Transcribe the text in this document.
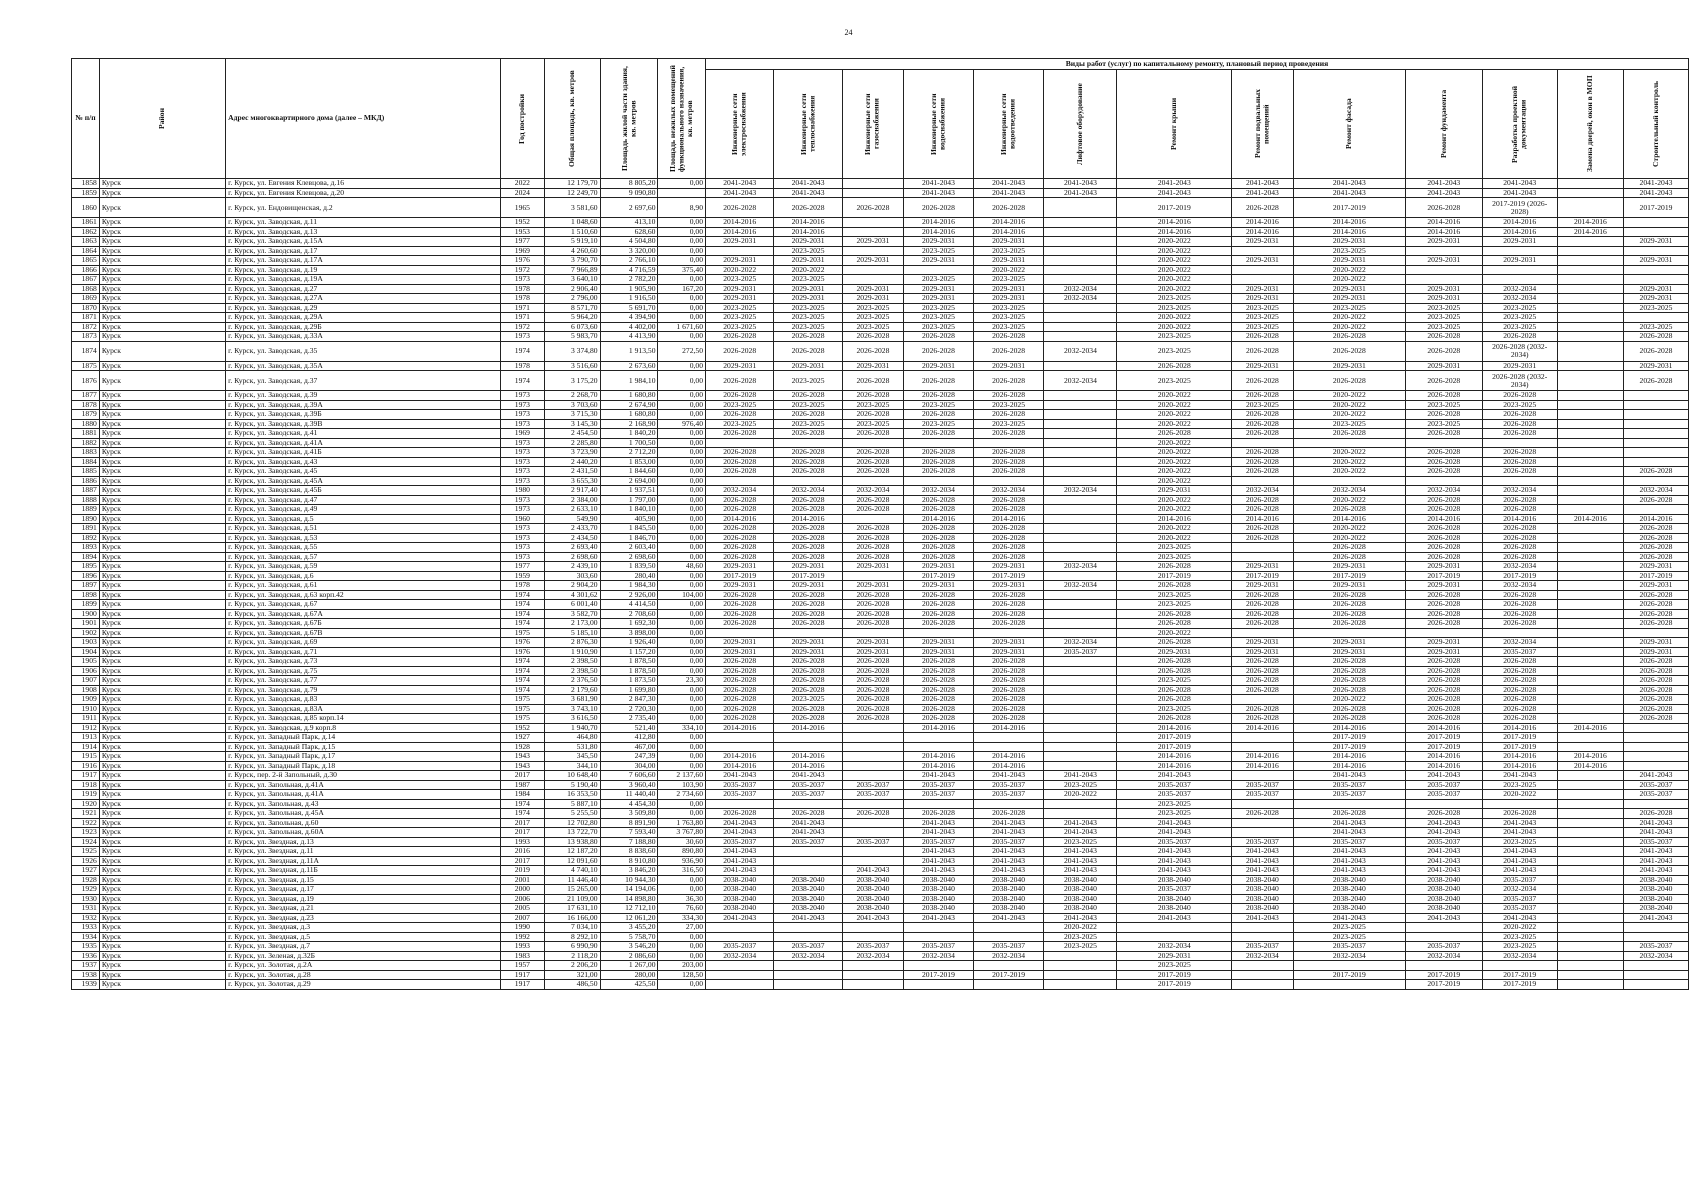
24
№ п/п	Район	Адрес многоквартирного дома (далее – МКД)	Год постройки	Общая площадь, кв. метров	Площадь жилой части здания, кв. метров	Площадь нежилых помещений функционального назначения, кв. метров	Виды работ (услуг) по капитальному ремонту, плановый период проведения												

							Инженерные сети электроснабжения	Инженерные сети теплоснабжения	Инженерные сети газоснабжения	Инженерные сети водоснабжения	Инженерные сети водоотведения	Лифтовое оборудование	Ремонт крыши	Ремонт подвальных помещений	Ремонт фасада	Ремонт фундамента	Разработка проектной документации	Замена дверей, окон в МОП	Строительный контроль

1858	Курск	г. Курск, ул. Евгения Клевцова, д.16	2022	12 179,70	8 805,20	0,00	2041-2043	2041-2043		2041-2043	2041-2043	2041-2043	2041-2043	2041-2043	2041-2043	2041-2043	2041-2043		2041-2043
1859	Курск	г. Курск, ул. Евгения Клевцова, д.20	2024	12 249,70	9 090,80		2041-2043	2041-2043		2041-2043	2041-2043	2041-2043	2041-2043	2041-2043	2041-2043	2041-2043	2041-2043		2041-2043
1860	Курск	г. Курск, ул. Ендовищенская, д.2	1965	3 581,60	2 697,60	8,90	2026-2028	2026-2028	2026-2028	2026-2028	2026-2028		2017-2019	2026-2028	2017-2019	2026-2028	2017-2019 (2026-2028)		2017-2019
1861	Курск	г. Курск, ул. Заводская, д.11	1952	1 048,60	413,10	0,00	2014-2016	2014-2016		2014-2016	2014-2016		2014-2016	2014-2016	2014-2016	2014-2016	2014-2016	2014-2016	
1862	Курск	г. Курск, ул. Заводская, д.13	1953	1 510,60	628,60	0,00	2014-2016	2014-2016		2014-2016	2014-2016		2014-2016	2014-2016	2014-2016	2014-2016	2014-2016	2014-2016	
1863	Курск	г. Курск, ул. Заводская, д.15А	1977	5 919,10	4 504,80	0,00	2029-2031	2029-2031	2029-2031	2029-2031	2029-2031		2020-2022	2029-2031	2029-2031	2029-2031	2029-2031		2029-2031
1864	Курск	г. Курск, ул. Заводская, д.17	1969	4 260,60	3 320,00	0,00		2023-2025		2023-2025	2023-2025		2020-2022		2023-2025				
1865	Курск	г. Курск, ул. Заводская, д.17А	1976	3 790,70	2 766,10	0,00	2029-2031	2029-2031	2029-2031	2029-2031	2029-2031		2020-2022	2029-2031	2029-2031	2029-2031	2029-2031		2029-2031
1866	Курск	г. Курск, ул. Заводская, д.19	1972	7 966,89	4 716,59	375,40	2020-2022	2020-2022			2020-2022		2020-2022		2020-2022				
1867	Курск	г. Курск, ул. Заводская, д.19А	1973	3 640,10	2 782,20	0,00	2023-2025	2023-2025		2023-2025	2023-2025		2020-2022		2020-2022				
1868	Курск	г. Курск, ул. Заводская, д.27	1978	2 906,40	1 905,90	167,20	2029-2031	2029-2031	2029-2031	2029-2031	2029-2031	2032-2034	2020-2022	2029-2031	2029-2031	2029-2031	2032-2034		2029-2031
1869	Курск	г. Курск, ул. Заводская, д.27А	1978	2 796,00	1 916,50	0,00	2029-2031	2029-2031	2029-2031	2029-2031	2029-2031	2032-2034	2023-2025	2029-2031	2029-2031	2029-2031	2032-2034		2029-2031
1870	Курск	г. Курск, ул. Заводская, д.29	1971	8 571,70	5 691,70	0,00	2023-2025	2023-2025	2023-2025	2023-2025	2023-2025		2023-2025	2023-2025	2023-2025	2023-2025	2023-2025		2023-2025
1871	Курск	г. Курск, ул. Заводская, д.29А	1971	5 964,20	4 394,90	0,00	2023-2025	2023-2025	2023-2025	2023-2025	2023-2025		2020-2022	2023-2025	2020-2022	2023-2025	2023-2025		
1872	Курск	г. Курск, ул. Заводская, д.29Б	1972	6 073,60	4 402,00	1 671,60	2023-2025	2023-2025	2023-2025	2023-2025	2023-2025		2020-2022	2023-2025	2020-2022	2023-2025	2023-2025		2023-2025
1873	Курск	г. Курск, ул. Заводская, д.33А	1973	5 983,70	4 413,90	0,00	2026-2028	2026-2028	2026-2028	2026-2028	2026-2028		2023-2025	2026-2028	2026-2028	2026-2028	2026-2028		2026-2028
1874	Курск	г. Курск, ул. Заводская, д.35	1974	3 374,80	1 913,50	272,50	2026-2028	2026-2028	2026-2028	2026-2028	2026-2028	2032-2034	2023-2025	2026-2028	2026-2028	2026-2028	2026-2028 (2032-2034)		2026-2028
1875	Курск	г. Курск, ул. Заводская, д.35А	1978	3 516,60	2 673,60	0,00	2029-2031	2029-2031	2029-2031	2029-2031	2029-2031		2026-2028	2029-2031	2029-2031	2029-2031	2029-2031		2029-2031
1876	Курск	г. Курск, ул. Заводская, д.37	1974	3 175,20	1 984,10	0,00	2026-2028	2023-2025	2026-2028	2026-2028	2026-2028	2032-2034	2023-2025	2026-2028	2026-2028	2026-2028	2026-2028 (2032-2034)		2026-2028
1877	Курск	г. Курск, ул. Заводская, д.39	1973	2 268,70	1 680,80	0,00	2026-2028	2026-2028	2026-2028	2026-2028	2026-2028		2020-2022	2026-2028	2020-2022	2026-2028	2026-2028		
1878	Курск	г. Курск, ул. Заводская, д.39А	1973	3 703,60	2 674,90	0,00	2023-2025	2023-2025	2023-2025	2023-2025	2023-2025		2020-2022	2023-2025	2020-2022	2023-2025	2023-2025		
1879	Курск	г. Курск, ул. Заводская, д.39Б	1973	3 715,30	1 680,80	0,00	2026-2028	2026-2028	2026-2028	2026-2028	2026-2028		2020-2022	2026-2028	2020-2022	2026-2028	2026-2028		
1880	Курск	г. Курск, ул. Заводская, д.39В	1973	3 145,30	2 168,90	976,40	2023-2025	2023-2025	2023-2025	2023-2025	2023-2025		2020-2022	2026-2028	2023-2025	2023-2025	2026-2028		
1881	Курск	г. Курск, ул. Заводская, д.41	1969	2 454,50	1 840,20	0,00	2026-2028	2026-2028	2026-2028	2026-2028	2026-2028		2026-2028	2026-2028	2026-2028	2026-2028	2026-2028		
1882	Курск	г. Курск, ул. Заводская, д.41А	1973	2 285,80	1 700,50	0,00							2020-2022						
1883	Курск	г. Курск, ул. Заводская, д.41Б	1973	3 723,90	2 712,20	0,00	2026-2028	2026-2028	2026-2028	2026-2028	2026-2028		2020-2022	2026-2028	2020-2022	2026-2028	2026-2028		
1884	Курск	г. Курск, ул. Заводская, д.43	1973	2 440,20	1 853,00	0,00	2026-2028	2026-2028	2026-2028	2026-2028	2026-2028		2020-2022	2026-2028	2020-2022	2026-2028	2026-2028		
1885	Курск	г. Курск, ул. Заводская, д.45	1973	2 431,50	1 844,60	0,00	2026-2028	2026-2028	2026-2028	2026-2028	2026-2028		2020-2022	2026-2028	2020-2022	2026-2028	2026-2028		2026-2028
1886	Курск	г. Курск, ул. Заводская, д.45А	1973	3 655,30	2 694,00	0,00							2020-2022						
1887	Курск	г. Курск, ул. Заводская, д.45Б	1980	2 917,40	1 937,51	0,00	2032-2034	2032-2034	2032-2034	2032-2034	2032-2034	2032-2034	2029-2031	2032-2034	2032-2034	2032-2034	2032-2034		2032-2034
1888	Курск	г. Курск, ул. Заводская, д.47	1973	2 384,00	1 797,00	0,00	2026-2028	2026-2028	2026-2028	2026-2028	2026-2028		2020-2022	2026-2028	2020-2022	2026-2028	2026-2028		2026-2028
1889	Курск	г. Курск, ул. Заводская, д.49	1973	2 633,10	1 840,10	0,00	2026-2028	2026-2028	2026-2028	2026-2028	2026-2028		2020-2022	2026-2028	2026-2028	2026-2028	2026-2028		
1890	Курск	г. Курск, ул. Заводская, д.5	1960	549,90	405,90	0,00	2014-2016	2014-2016		2014-2016	2014-2016		2014-2016	2014-2016	2014-2016	2014-2016	2014-2016	2014-2016	2014-2016
1891	Курск	г. Курск, ул. Заводская, д.51	1973	2 433,70	1 845,50	0,00	2026-2028	2026-2028	2026-2028	2026-2028	2026-2028		2020-2022	2026-2028	2020-2022	2026-2028	2026-2028		2026-2028
1892	Курск	г. Курск, ул. Заводская, д.53	1973	2 434,50	1 846,70	0,00	2026-2028	2026-2028	2026-2028	2026-2028	2026-2028		2020-2022	2026-2028	2020-2022	2026-2028	2026-2028		2026-2028
1893	Курск	г. Курск, ул. Заводская, д.55	1973	2 693,40	2 603,40	0,00	2026-2028	2026-2028	2026-2028	2026-2028	2026-2028		2023-2025		2026-2028	2026-2028	2026-2028		2026-2028
1894	Курск	г. Курск, ул. Заводская, д.57	1973	2 698,60	2 698,60	0,00	2026-2028	2026-2028	2026-2028	2026-2028	2026-2028		2023-2025		2026-2028	2026-2028	2026-2028		2026-2028
1895	Курск	г. Курск, ул. Заводская, д.59	1977	2 439,10	1 839,50	48,60	2029-2031	2029-2031	2029-2031	2029-2031	2029-2031	2032-2034	2026-2028	2029-2031	2029-2031	2029-2031	2032-2034		2029-2031
1896	Курск	г. Курск, ул. Заводская, д.6	1959	303,60	280,40	0,00	2017-2019	2017-2019		2017-2019	2017-2019		2017-2019	2017-2019	2017-2019	2017-2019	2017-2019		2017-2019
1897	Курск	г. Курск, ул. Заводская, д.61	1978	2 904,20	1 984,30	0,00	2029-2031	2029-2031	2029-2031	2029-2031	2029-2031	2032-2034	2026-2028	2029-2031	2029-2031	2029-2031	2032-2034		2029-2031
1898	Курск	г. Курск, ул. Заводская, д.63 корп.42	1974	4 301,62	2 926,00	104,00	2026-2028	2026-2028	2026-2028	2026-2028	2026-2028		2023-2025	2026-2028	2026-2028	2026-2028	2026-2028		2026-2028
1899	Курск	г. Курск, ул. Заводская, д.67	1974	6 001,40	4 414,50	0,00	2026-2028	2026-2028	2026-2028	2026-2028	2026-2028		2023-2025	2026-2028	2026-2028	2026-2028	2026-2028		2026-2028
1900	Курск	г. Курск, ул. Заводская, д.67А	1974	3 582,70	2 708,60	0,00	2026-2028	2026-2028	2026-2028	2026-2028	2026-2028		2026-2028	2026-2028	2026-2028	2026-2028	2026-2028		2026-2028
1901	Курск	г. Курск, ул. Заводская, д.67Б	1974	2 173,00	1 692,30	0,00	2026-2028	2026-2028	2026-2028	2026-2028	2026-2028		2026-2028	2026-2028	2026-2028	2026-2028	2026-2028		2026-2028
1902	Курск	г. Курск, ул. Заводская, д.67В	1975	5 185,10	3 898,00	0,00							2020-2022						
1903	Курск	г. Курск, ул. Заводская, д.69	1976	2 876,30	1 926,40	0,00	2029-2031	2029-2031	2029-2031	2029-2031	2029-2031	2032-2034	2026-2028	2029-2031	2029-2031	2029-2031	2032-2034		2029-2031
1904	Курск	г. Курск, ул. Заводская, д.71	1976	1 910,90	1 157,20	0,00	2029-2031	2029-2031	2029-2031	2029-2031	2029-2031	2035-2037	2029-2031	2029-2031	2029-2031	2029-2031	2035-2037		2029-2031
1905	Курск	г. Курск, ул. Заводская, д.73	1974	2 398,50	1 878,50	0,00	2026-2028	2026-2028	2026-2028	2026-2028	2026-2028		2026-2028	2026-2028	2026-2028	2026-2028	2026-2028		2026-2028
1906	Курск	г. Курск, ул. Заводская, д.75	1974	2 398,50	1 878,50	0,00	2026-2028	2026-2028	2026-2028	2026-2028	2026-2028		2026-2028	2026-2028	2026-2028	2026-2028	2026-2028		2026-2028
1907	Курск	г. Курск, ул. Заводская, д.77	1974	2 376,50	1 873,50	23,30	2026-2028	2026-2028	2026-2028	2026-2028	2026-2028		2023-2025	2026-2028	2026-2028	2026-2028	2026-2028		2026-2028
1908	Курск	г. Курск, ул. Заводская, д.79	1974	2 179,60	1 699,80	0,00	2026-2028	2026-2028	2026-2028	2026-2028	2026-2028		2026-2028	2026-2028	2026-2028	2026-2028	2026-2028		2026-2028
1909	Курск	г. Курск, ул. Заводская, д.83	1975	3 681,90	2 847,30	0,00	2026-2028	2023-2025	2026-2028	2026-2028	2026-2028		2026-2028		2020-2022	2026-2028	2026-2028		2026-2028
1910	Курск	г. Курск, ул. Заводская, д.83А	1975	3 743,10	2 720,30	0,00	2026-2028	2026-2028	2026-2028	2026-2028	2026-2028		2023-2025	2026-2028	2026-2028	2026-2028	2026-2028		2026-2028
1911	Курск	г. Курск, ул. Заводская, д.85 корп.14	1975	3 616,50	2 735,40	0,00	2026-2028	2026-2028	2026-2028	2026-2028	2026-2028		2026-2028	2026-2028	2026-2028	2026-2028	2026-2028		2026-2028
1912	Курск	г. Курск, ул. Заводская, д.9 корп.8	1952	1 940,70	521,40	334,10	2014-2016	2014-2016		2014-2016	2014-2016		2014-2016	2014-2016	2014-2016	2014-2016	2014-2016	2014-2016	
1913	Курск	г. Курск, ул. Западный Парк, д.14	1927	464,80	412,80	0,00							2017-2019		2017-2019	2017-2019	2017-2019		
1914	Курск	г. Курск, ул. Западный Парк, д.15	1928	531,80	467,00	0,00							2017-2019		2017-2019	2017-2019	2017-2019		
1915	Курск	г. Курск, ул. Западный Парк, д.17	1943	345,50	247,39	0,00	2014-2016	2014-2016		2014-2016	2014-2016		2014-2016	2014-2016	2014-2016	2014-2016	2014-2016	2014-2016	
1916	Курск	г. Курск, ул. Западный Парк, д.18	1943	344,10	304,00	0,00	2014-2016	2014-2016		2014-2016	2014-2016		2014-2016	2014-2016	2014-2016	2014-2016	2014-2016	2014-2016	
1917	Курск	г. Курск, пер. 2-й Запольный, д.30	2017	10 648,40	7 606,60	2 137,60	2041-2043	2041-2043		2041-2043	2041-2043	2041-2043	2041-2043		2041-2043	2041-2043	2041-2043		2041-2043
1918	Курск	г. Курск, ул. Запольная, д.41А	1987	5 190,40	3 960,40	103,90	2035-2037	2035-2037	2035-2037	2035-2037	2035-2037	2023-2025	2035-2037	2035-2037	2035-2037	2035-2037	2023-2025		2035-2037
1919	Курск	г. Курск, ул. Запольная, д.41А	1984	16 353,50	11 440,40	2 734,60	2035-2037	2035-2037	2035-2037	2035-2037	2035-2037	2020-2022	2035-2037	2035-2037	2035-2037	2035-2037	2020-2022		2035-2037
1920	Курск	г. Курск, ул. Запольная, д.43	1974	5 887,10	4 454,30	0,00							2023-2025						
1921	Курск	г. Курск, ул. Запольная, д.45А	1974	5 255,50	3 509,80	0,00	2026-2028	2026-2028	2026-2028	2026-2028	2026-2028		2023-2025	2026-2028	2026-2028	2026-2028	2026-2028		2026-2028
1922	Курск	г. Курск, ул. Запольная, д.60	2017	12 702,80	8 891,90	1 763,80	2041-2043	2041-2043		2041-2043	2041-2043	2041-2043	2041-2043		2041-2043	2041-2043	2041-2043		2041-2043
1923	Курск	г. Курск, ул. Запольная, д.60А	2017	13 722,70	7 593,40	3 767,80	2041-2043	2041-2043		2041-2043	2041-2043	2041-2043	2041-2043		2041-2043	2041-2043	2041-2043		2041-2043
1924	Курск	г. Курск, ул. Звездная, д.13	1993	13 938,80	7 188,80	30,60	2035-2037	2035-2037	2035-2037	2035-2037	2035-2037	2023-2025	2035-2037	2035-2037	2035-2037	2035-2037	2023-2025		2035-2037
1925	Курск	г. Курск, ул. Звездная, д.11	2016	12 187,20	8 838,60	890,80	2041-2043			2041-2043	2041-2043	2041-2043	2041-2043	2041-2043	2041-2043	2041-2043	2041-2043		2041-2043
1926	Курск	г. Курск, ул. Звездная, д.11А	2017	12 091,60	8 910,80	936,90	2041-2043			2041-2043	2041-2043	2041-2043	2041-2043	2041-2043	2041-2043	2041-2043	2041-2043		2041-2043
1927	Курск	г. Курск, ул. Звездная, д.11Б	2019	4 740,10	3 846,20	316,50	2041-2043		2041-2043	2041-2043	2041-2043	2041-2043	2041-2043	2041-2043	2041-2043	2041-2043	2041-2043		2041-2043
1928	Курск	г. Курск, ул. Звездная, д.15	2001	11 446,40	10 944,30	0,00	2038-2040	2038-2040	2038-2040	2038-2040	2038-2040	2038-2040	2038-2040	2038-2040	2038-2040	2038-2040	2035-2037		2038-2040
1929	Курск	г. Курск, ул. Звездная, д.17	2000	15 265,00	14 194,06	0,00	2038-2040	2038-2040	2038-2040	2038-2040	2038-2040	2038-2040	2035-2037	2038-2040	2038-2040	2038-2040	2032-2034		2038-2040
1930	Курск	г. Курск, ул. Звездная, д.19	2006	21 109,00	14 898,80	36,30	2038-2040	2038-2040	2038-2040	2038-2040	2038-2040	2038-2040	2038-2040	2038-2040	2038-2040	2038-2040	2035-2037		2038-2040
1931	Курск	г. Курск, ул. Звездная, д.21	2005	17 631,10	12 712,10	76,60	2038-2040	2038-2040	2038-2040	2038-2040	2038-2040	2038-2040	2038-2040	2038-2040	2038-2040	2038-2040	2035-2037		2038-2040
1932	Курск	г. Курск, ул. Звездная, д.23	2007	16 166,00	12 061,20	334,30	2041-2043	2041-2043	2041-2043	2041-2043	2041-2043	2041-2043	2041-2043	2041-2043	2041-2043	2041-2043	2041-2043		2041-2043
1933	Курск	г. Курск, ул. Звездная, д.3	1990	7 034,10	3 455,20	27,00						2020-2022			2023-2025		2020-2022		
1934	Курск	г. Курск, ул. Звездная, д.5	1992	8 292,10	5 758,70	0,00						2023-2025			2023-2025		2023-2025		
1935	Курск	г. Курск, ул. Звездная, д.7	1993	6 990,90	3 546,20	0,00	2035-2037	2035-2037	2035-2037	2035-2037	2035-2037	2023-2025	2032-2034	2035-2037	2035-2037	2035-2037	2023-2025		2035-2037
1936	Курск	г. Курск, ул. Зеленая, д.32Б	1983	2 118,20	2 086,60	0,00	2032-2034	2032-2034	2032-2034	2032-2034	2032-2034		2029-2031	2032-2034	2032-2034	2032-2034	2032-2034		2032-2034
1937	Курск	г. Курск, ул. Золотая, д.2А	1957	2 206,20	1 267,00	203,00							2023-2025						
1938	Курск	г. Курск, ул. Золотая, д.28	1917	321,00	280,00	128,50				2017-2019	2017-2019		2017-2019		2017-2019	2017-2019	2017-2019		
1939	Курск	г. Курск, ул. Золотая, д.29	1917	486,50	425,50	0,00							2017-2019			2017-2019	2017-2019		
